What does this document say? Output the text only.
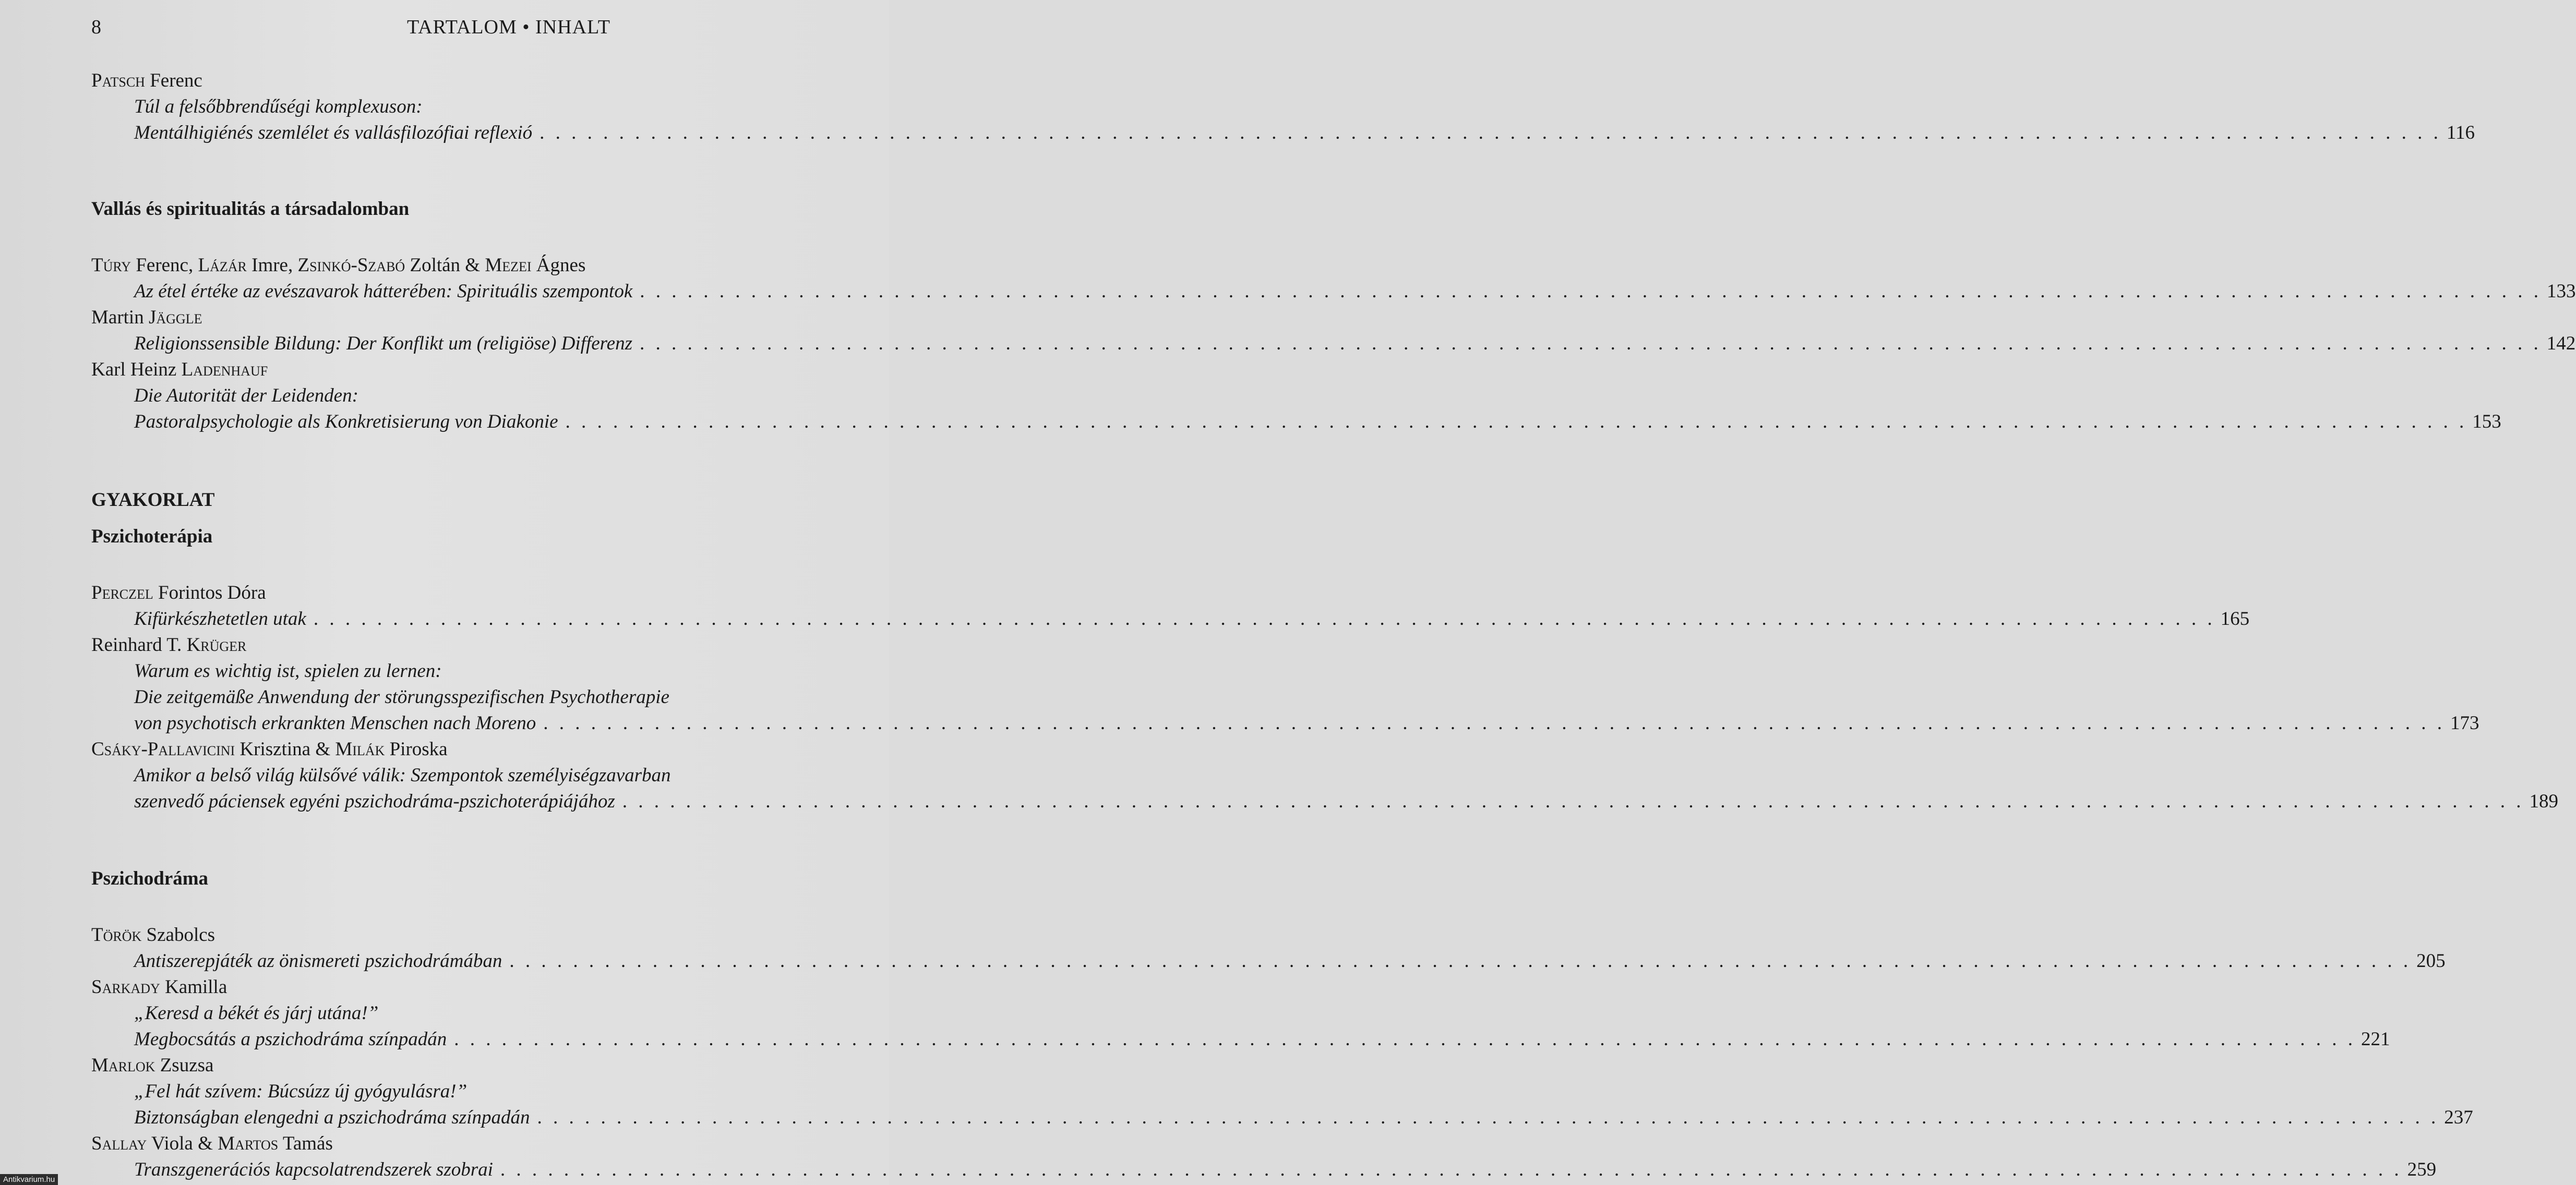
8	TARTALOM • INHALT
Patsch Ferenc
Túl a felsőbbrendűségi komplexuson:
Mentálhigiénés szemlélet és vallásfilozófiai reflexió . . . . . . . . . . . . . . . . . . . . . . . . . . . . . . . . . . . . . . . . . . . . . . . . . . . . . . . . . . . . . . . . . . . . . . . . . . . . . . . . . . . . . . . . . . . . . . . . . . . . . . . . . . . . . . . . . . . . . . . . 116
Vallás és spiritualitás a társadalomban
Túry Ferenc, Lázár Imre, Zsinkó-Szabó Zoltán & Mezei Ágnes
Az étel értéke az evészavarok hátterében: Spirituális szempontok . . . . . . . . . . . . . . . . . . . . . . . . . . . . . . . . . . . . . . . . . . . . . . . . . . . . . . . . . . . . . . . . . . . . . . . . . . . . . . . . . . . . . . . . . . . . . . . . . . . . . . . . . . . . . . . . . . . . . . . . 133
Martin Jäggle
Religionssensible Bildung: Der Konflikt um (religiöse) Differenz . . . . . . . . . . . . . . . . . . . . . . . . . . . . . . . . . . . . . . . . . . . . . . . . . . . . . . . . . . . . . . . . . . . . . . . . . . . . . . . . . . . . . . . . . . . . . . . . . . . . . . . . . . . . . . . . . . . . . . . . 142
Karl Heinz Ladenhauf
Die Autorität der Leidenden:
Pastoralpsychologie als Konkretisierung von Diakonie . . . . . . . . . . . . . . . . . . . . . . . . . . . . . . . . . . . . . . . . . . . . . . . . . . . . . . . . . . . . . . . . . . . . . . . . . . . . . . . . . . . . . . . . . . . . . . . . . . . . . . . . . . . . . . . . . . . . . . . . 153
GYAKORLAT
Pszichoterápia
Perczel Forintos Dóra
Kifürkészhetetlen utak . . . . . . . . . . . . . . . . . . . . . . . . . . . . . . . . . . . . . . . . . . . . . . . . . . . . . . . . . . . . . . . . . . . . . . . . . . . . . . . . . . . . . . . . . . . . . . . . . . . . . . . . . . . . . . . . . . . . . . . . 165
Reinhard T. Krüger
Warum es wichtig ist, spielen zu lernen:
Die zeitgemäße Anwendung der störungsspezifischen Psychotherapie
von psychotisch erkrankten Menschen nach Moreno . . . . . . . . . . . . . . . . . . . . . . . . . . . . . . . . . . . . . . . . . . . . . . . . . . . . . . . . . . . . . . . . . . . . . . . . . . . . . . . . . . . . . . . . . . . . . . . . . . . . . . . . . . . . . . . . . . . . . . . . 173
Csáky-Pallavicini Krisztina & Milák Piroska
Amikor a belső világ külsővé válik: Szempontok személyiségzavarban
szenvedő páciensek egyéni pszichodráma-pszichoterápiájához . . . . . . . . . . . . . . . . . . . . . . . . . . . . . . . . . . . . . . . . . . . . . . . . . . . . . . . . . . . . . . . . . . . . . . . . . . . . . . . . . . . . . . . . . . . . . . . . . . . . . . . . . . . . . . . . . . . . . . . . 189
Pszichodráma
Török Szabolcs
Antiszerepjáték az önismereti pszichodrámában . . . . . . . . . . . . . . . . . . . . . . . . . . . . . . . . . . . . . . . . . . . . . . . . . . . . . . . . . . . . . . . . . . . . . . . . . . . . . . . . . . . . . . . . . . . . . . . . . . . . . . . . . . . . . . . . . . . . . . . . 205
Sarkady Kamilla
„Keresd a békét és járj utána!”
Megbocsátás a pszichodráma színpadán . . . . . . . . . . . . . . . . . . . . . . . . . . . . . . . . . . . . . . . . . . . . . . . . . . . . . . . . . . . . . . . . . . . . . . . . . . . . . . . . . . . . . . . . . . . . . . . . . . . . . . . . . . . . . . . . . . . . . . . . 221
Marlok Zsuzsa
„Fel hát szívem: Búcsúzz új gyógyulásra!”
Biztonságban elengedni a pszichodráma színpadán . . . . . . . . . . . . . . . . . . . . . . . . . . . . . . . . . . . . . . . . . . . . . . . . . . . . . . . . . . . . . . . . . . . . . . . . . . . . . . . . . . . . . . . . . . . . . . . . . . . . . . . . . . . . . . . . . . . . . . . . 237
Sallay Viola & Martos Tamás
Transzgenerációs kapcsolatrendszerek szobrai . . . . . . . . . . . . . . . . . . . . . . . . . . . . . . . . . . . . . . . . . . . . . . . . . . . . . . . . . . . . . . . . . . . . . . . . . . . . . . . . . . . . . . . . . . . . . . . . . . . . . . . . . . . . . . . . . . . . . . . . 259
Antikvarium.hu
